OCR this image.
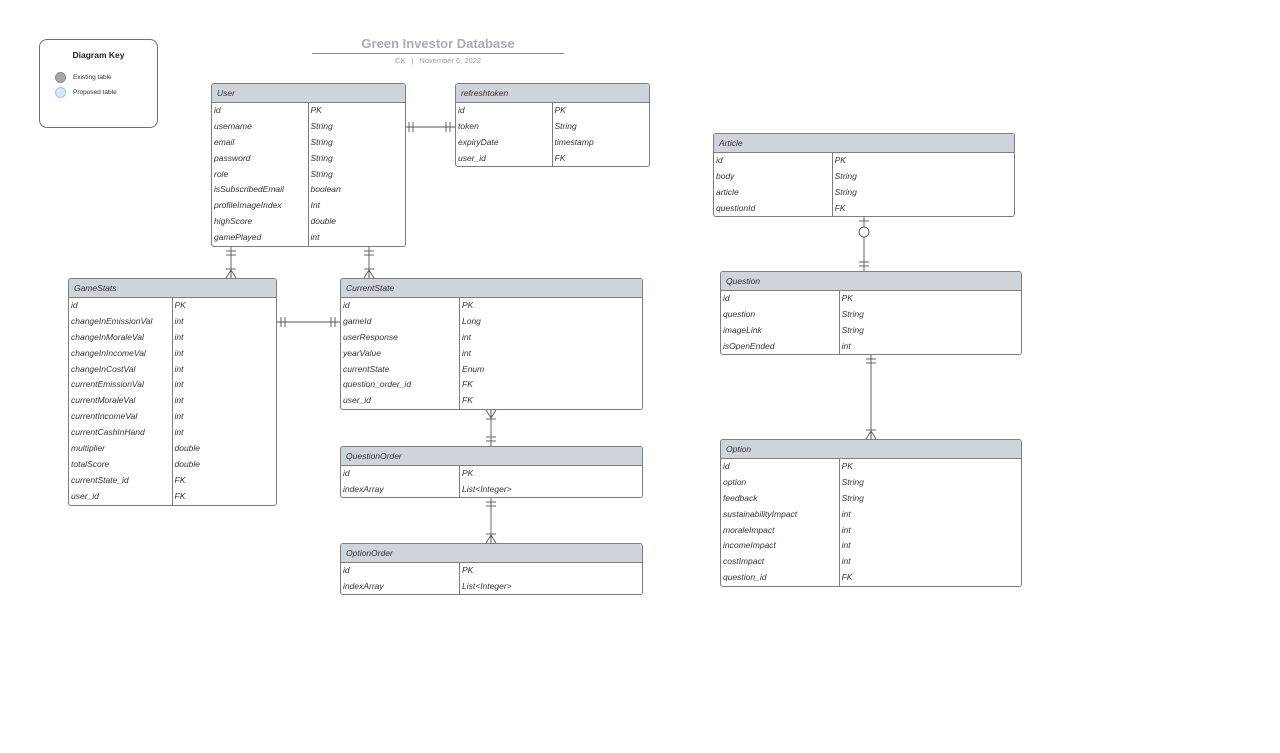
Green Investor Database
CK | November 6, 2022
Diagram Key
Existing table
Proposed table	User
id	PK
username	String
email	String
password	String
role	String
isSubscribedEmail	boolean
profileImageIndex	Int
highScore	double
gamePlayed	int
refreshtoken
id	PK
token	String
expiryDate	timestamp
user_id	FK
Article
id	PK
body	String
article	String
questionId	FK
GameStats
id	PK
changeInEmissionVal	int
changeInMoraleVal	int
changeInIncomeVal	int
changeInCostVal	int
currentEmissionVal	int
currentMoraleVal	int
currentIncomeVal	int
currentCashInHand	int
multiplier	double
totalScore	double
currentState_id	FK
user_id	FK
CurrentState
id	PK
gameId	Long
userResponse	int
yearValue	int
currentState	Enum
question_order_id	FK
user_id	FK
Question
id	PK
question	String
imageLink	String
isOpenEnded	int
QuestionOrder
id	PK
indexArray	List<Integer>
OptionOrder
id	PK
indexArray	List<Integer>
Option
id	PK
option	String
feedback	String
sustainabilityImpact	int
moraleImpact	int
incomeImpact	int
costImpact	int
question_id	FK
